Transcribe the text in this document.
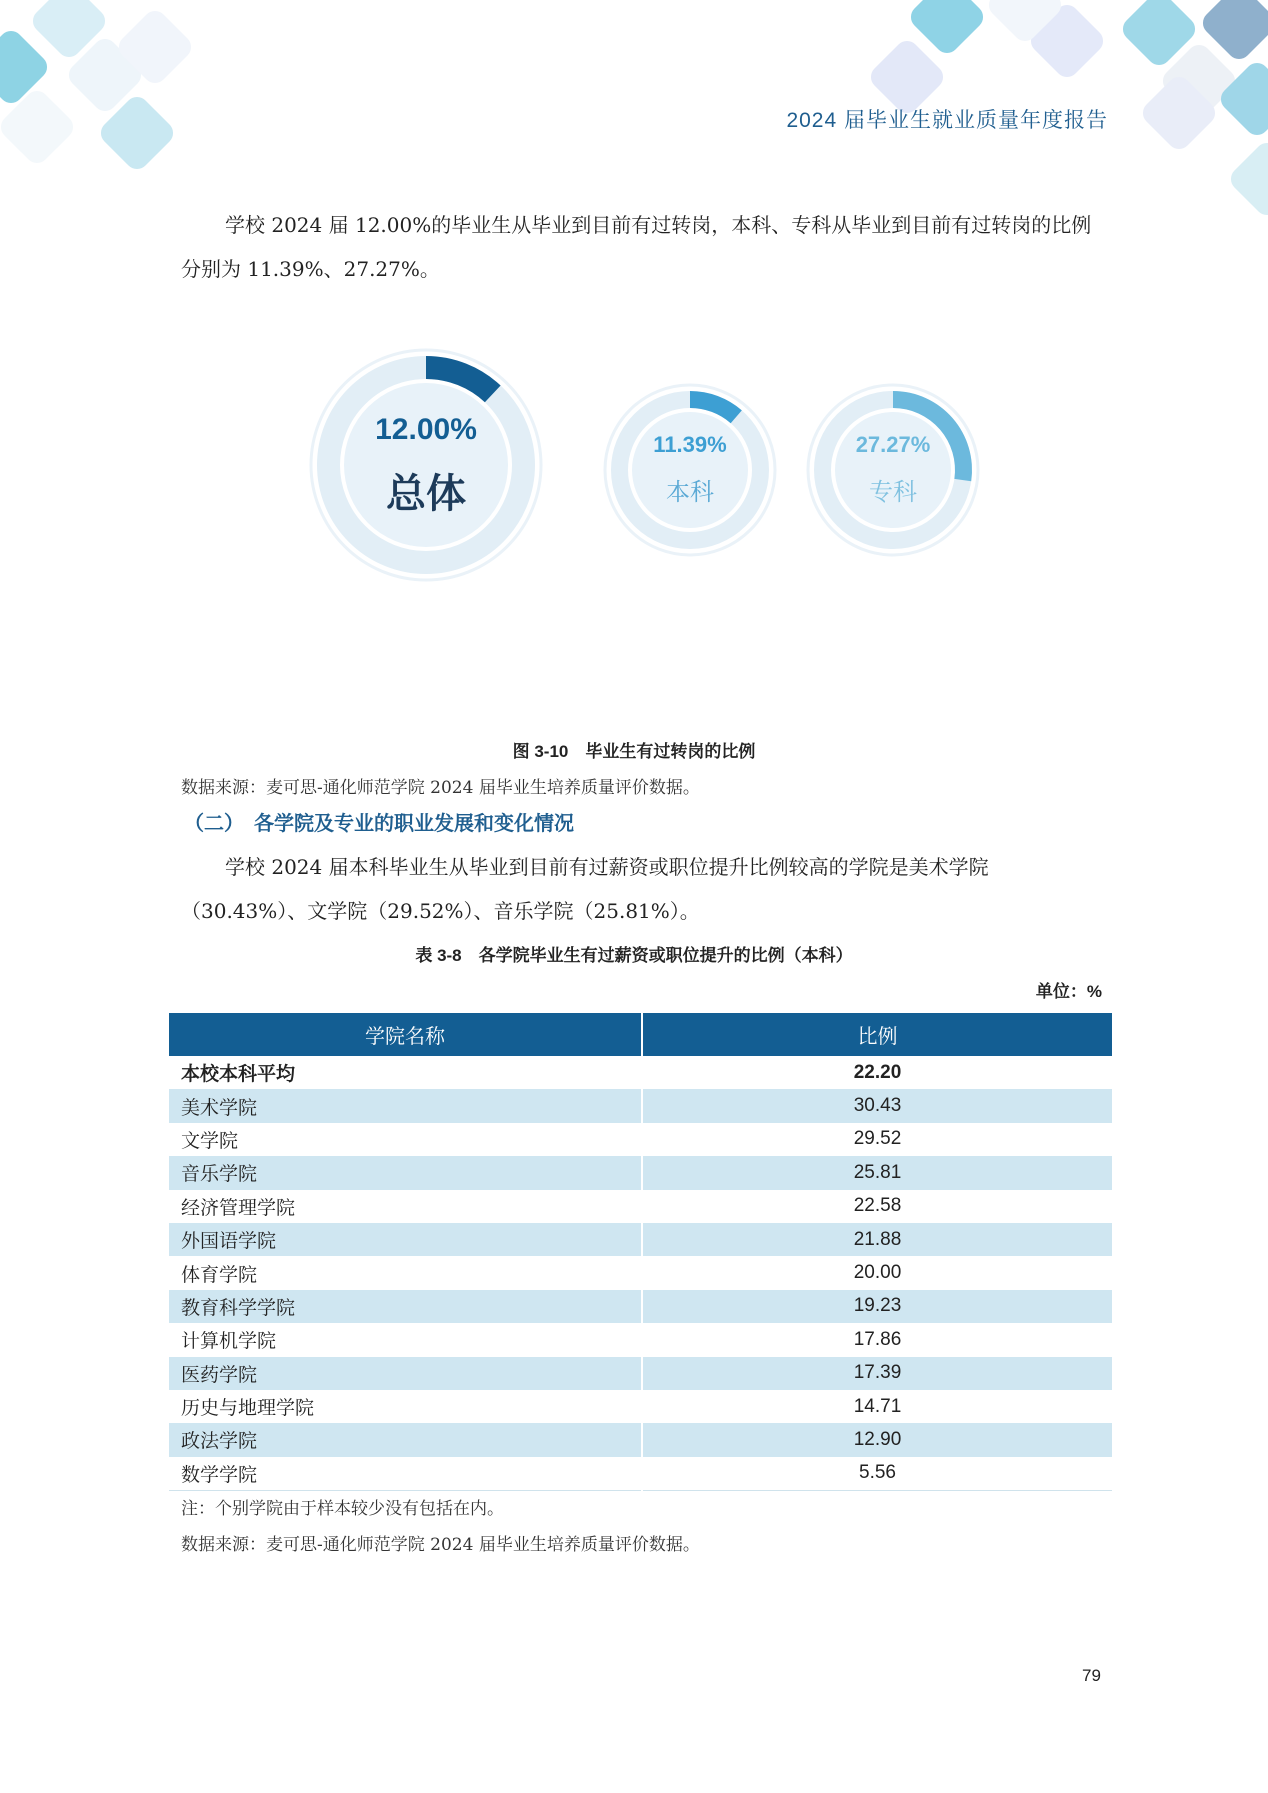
2024 届毕业生就业质量年度报告

学校 2024 届 12.00%的毕业生从毕业到目前有过转岗，本科、专科从毕业到目前有过转岗的比例分别为 11.39%、27.27%。

12.00%
总体
11.39%
本科
27.27%
专科
图 3-10　毕业生有过转岗的比例
数据来源：麦可思-通化师范学院 2024 届毕业生培养质量评价数据。
（二）　各学院及专业的职业发展和变化情况

学校 2024 届本科毕业生从毕业到目前有过薪资或职位提升比例较高的学院是美术学院（30.43%）、文学院（29.52%）、音乐学院（25.81%）。

表 3-8　各学院毕业生有过薪资或职位提升的比例（本科）
单位：%
学院名称	比例
本校本科平均	22.20
美术学院	30.43
文学院	29.52
音乐学院	25.81
经济管理学院	22.58
外国语学院	21.88
体育学院	20.00
教育科学学院	19.23
计算机学院	17.86
医药学院	17.39
历史与地理学院	14.71
政法学院	12.90
数学学院	5.56
注：个别学院由于样本较少没有包括在内。
数据来源：麦可思-通化师范学院 2024 届毕业生培养质量评价数据。
79
